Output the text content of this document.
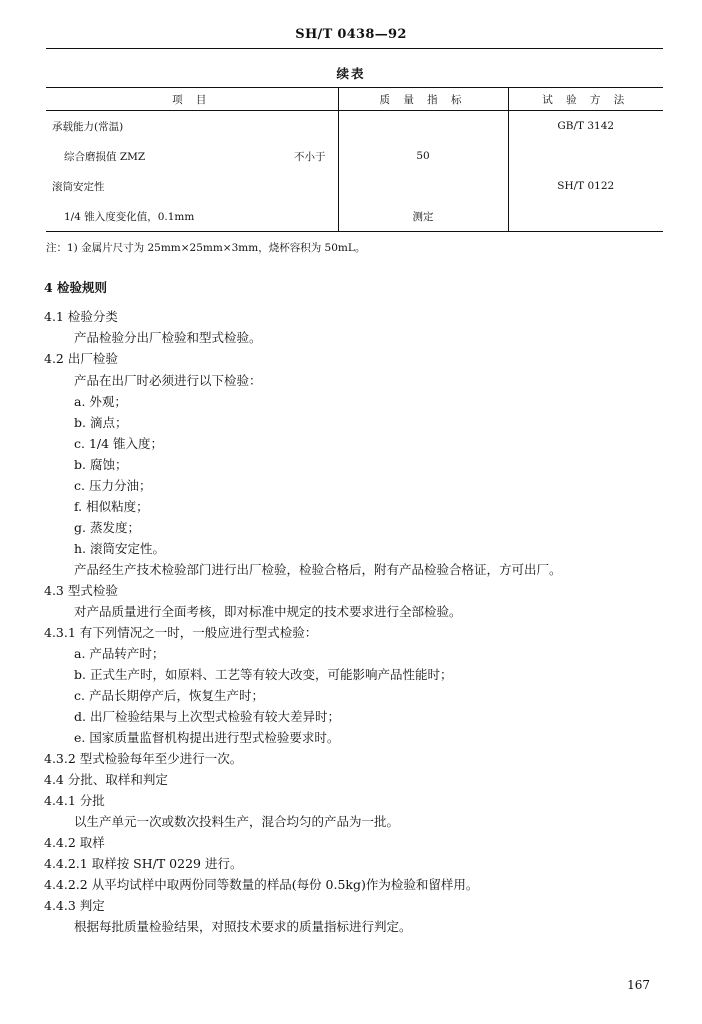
SH/T 0438—92
续表
项 目	质 量 指 标	试 验 方 法
承载能力(常温)		GB/T 3142

综合磨损值 ZMZ 不小于	50	
滚筒安定性		SH/T 0122
1/4 锥入度变化值，0.1mm	测定	
注：1) 金属片尺寸为 25mm×25mm×3mm，烧杯容积为 50mL。
4 检验规则
4.1 检验分类
产品检验分出厂检验和型式检验。
4.2 出厂检验
产品在出厂时必须进行以下检验：
a. 外观；
b. 滴点；
c. 1/4 锥入度；
b. 腐蚀；
c. 压力分油；
f. 相似粘度；
g. 蒸发度；
h. 滚筒安定性。
产品经生产技术检验部门进行出厂检验，检验合格后，附有产品检验合格证，方可出厂。
4.3 型式检验
对产品质量进行全面考核，即对标准中规定的技术要求进行全部检验。
4.3.1 有下列情况之一时，一般应进行型式检验：
a. 产品转产时；
b. 正式生产时，如原料、工艺等有较大改变，可能影响产品性能时；
c. 产品长期停产后，恢复生产时；
d. 出厂检验结果与上次型式检验有较大差异时；
e. 国家质量监督机构提出进行型式检验要求时。
4.3.2 型式检验每年至少进行一次。
4.4 分批、取样和判定
4.4.1 分批
以生产单元一次或数次投料生产，混合均匀的产品为一批。
4.4.2 取样
4.4.2.1 取样按 SH/T 0229 进行。
4.4.2.2 从平均试样中取两份同等数量的样品(每份 0.5kg)作为检验和留样用。
4.4.3 判定
根据每批质量检验结果，对照技术要求的质量指标进行判定。
167
